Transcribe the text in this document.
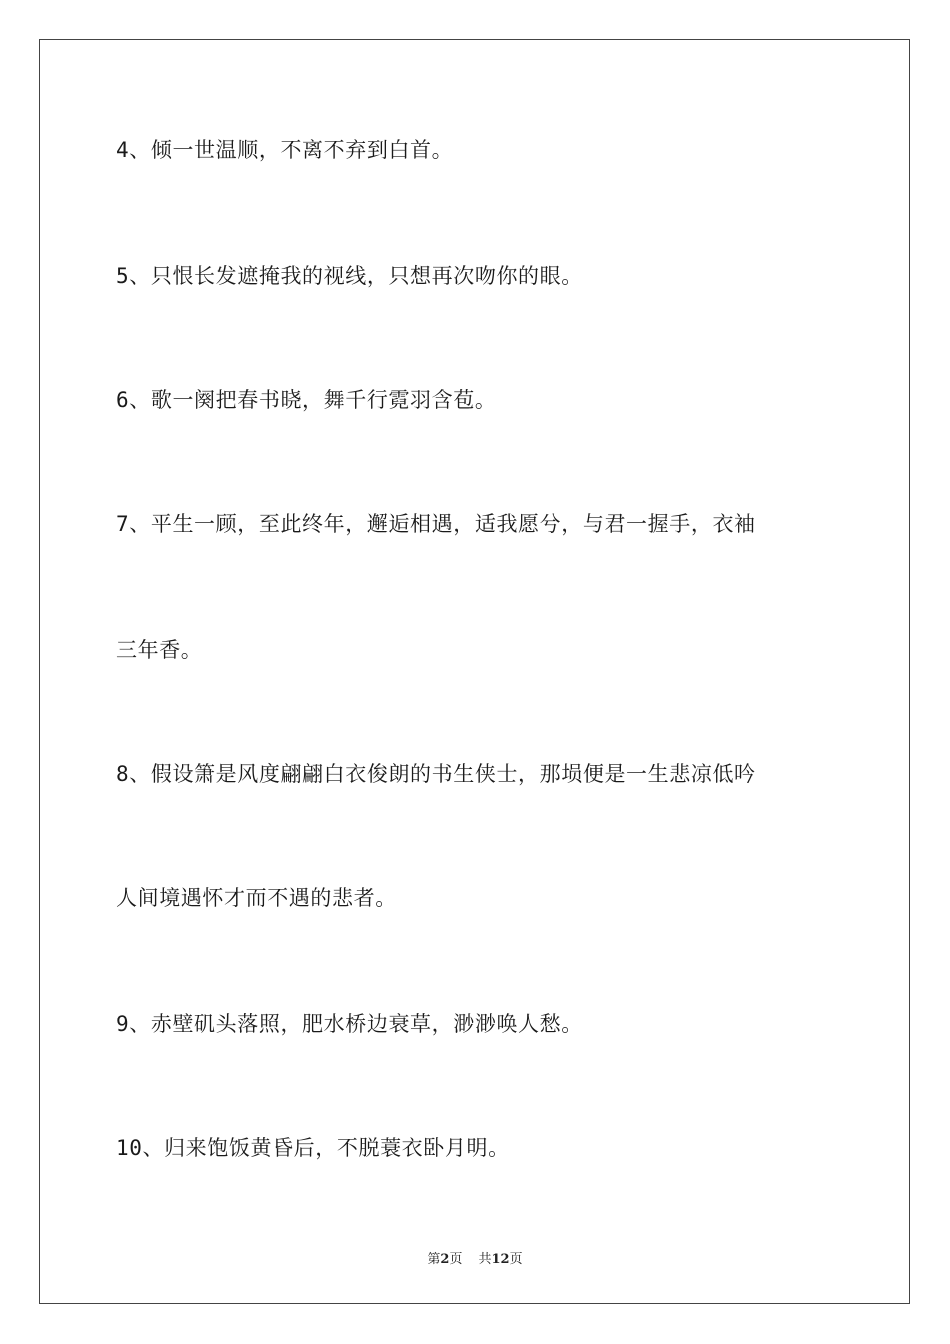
4、倾一世温顺，不离不弃到白首。
5、只恨长发遮掩我的视线，只想再次吻你的眼。
6、歌一阕把春书晓，舞千行霓羽含苞。
7、平生一顾，至此终年，邂逅相遇，适我愿兮，与君一握手，衣袖
三年香。
8、假设箫是风度翩翩白衣俊朗的书生侠士，那埙便是一生悲凉低吟
人间境遇怀才而不遇的悲者。
9、赤壁矶头落照，肥水桥边衰草，渺渺唤人愁。
10、归来饱饭黄昏后，不脱蓑衣卧月明。
第2页 共12页
